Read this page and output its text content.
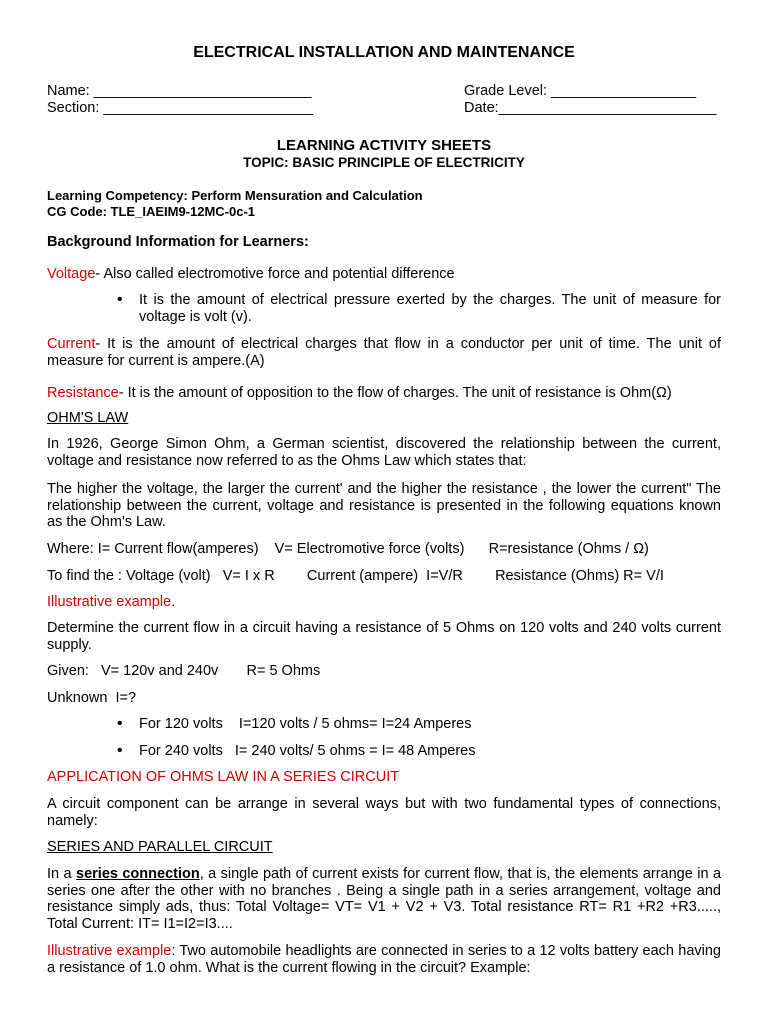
ELECTRICAL INSTALLATION AND MAINTENANCE
Name: ___________________________
Section: __________________________
Grade Level: __________________
Date:___________________________
LEARNING ACTIVITY SHEETS
TOPIC: BASIC PRINCIPLE OF ELECTRICITY
Learning Competency: Perform Mensuration and Calculation
CG Code: TLE_IAEIM9-12MC-0c-1
Background Information for Learners:
Voltage- Also called electromotive force and potential difference
• It is the amount of electrical pressure exerted by the charges. The unit of measure for voltage is volt (v).
Current- It is the amount of electrical charges that flow in a conductor per unit of time. The unit of measure for current is ampere.(A)
Resistance- It is the amount of opposition to the flow of charges. The unit of resistance is Ohm(Ω)
OHM'S LAW
In 1926, George Simon Ohm, a German scientist, discovered the relationship between the current, voltage and resistance now referred to as the Ohms Law which states that:
The higher the voltage, the larger the current' and the higher the resistance , the lower the current" The relationship between the current, voltage and resistance is presented in the following equations known as the Ohm's Law.
Where: I= Current flow(amperes)    V= Electromotive force (volts)      R=resistance (Ohms / Ω)
To find the : Voltage (volt)   V= I x R        Current (ampere)  I=V/R        Resistance (Ohms) R= V/I
Illustrative example.
Determine the current flow in a circuit having a resistance of 5 Ohms on 120 volts and 240 volts current supply.
Given:   V= 120v and 240v       R= 5 Ohms
Unknown  I=?
• For 120 volts    I=120 volts / 5 ohms= I=24 Amperes
• For 240 volts   I= 240 volts/ 5 ohms = I= 48 Amperes
APPLICATION OF OHMS LAW IN A SERIES CIRCUIT
A circuit component can be arrange in several ways but with two fundamental types of connections, namely:
SERIES AND PARALLEL CIRCUIT
In a series connection, a single path of current exists for current flow, that is, the elements arrange in a series one after the other with no branches . Being a single path in a series arrangement, voltage and resistance simply ads, thus: Total Voltage= VT= V1 + V2 + V3. Total resistance RT= R1 +R2 +R3....., Total Current: IT= I1=I2=I3....
Illustrative example: Two automobile headlights are connected in series to a 12 volts battery each having a resistance of 1.0 ohm. What is the current flowing in the circuit? Example:
